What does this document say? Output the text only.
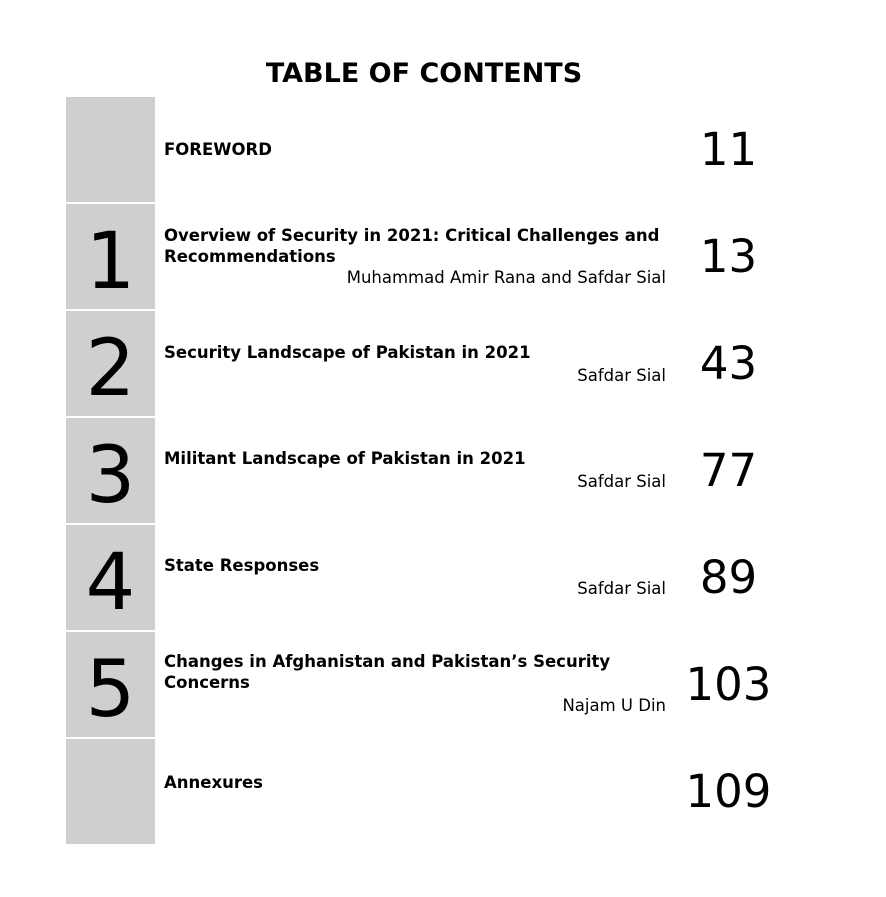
TABLE OF CONTENTS
FOREWORD	11
1	Overview of Security in 2021: Critical Challenges and Recommendations
Muhammad Amir Rana and Safdar Sial 13
2	Security Landscape of Pakistan in 2021
Safdar Sial 43
3	Militant Landscape of Pakistan in 2021
Safdar Sial 77
4	State Responses
Safdar Sial 89
5	Changes in Afghanistan and Pakistan’s Security Concerns
Najam U Din 103
Annexures	109
